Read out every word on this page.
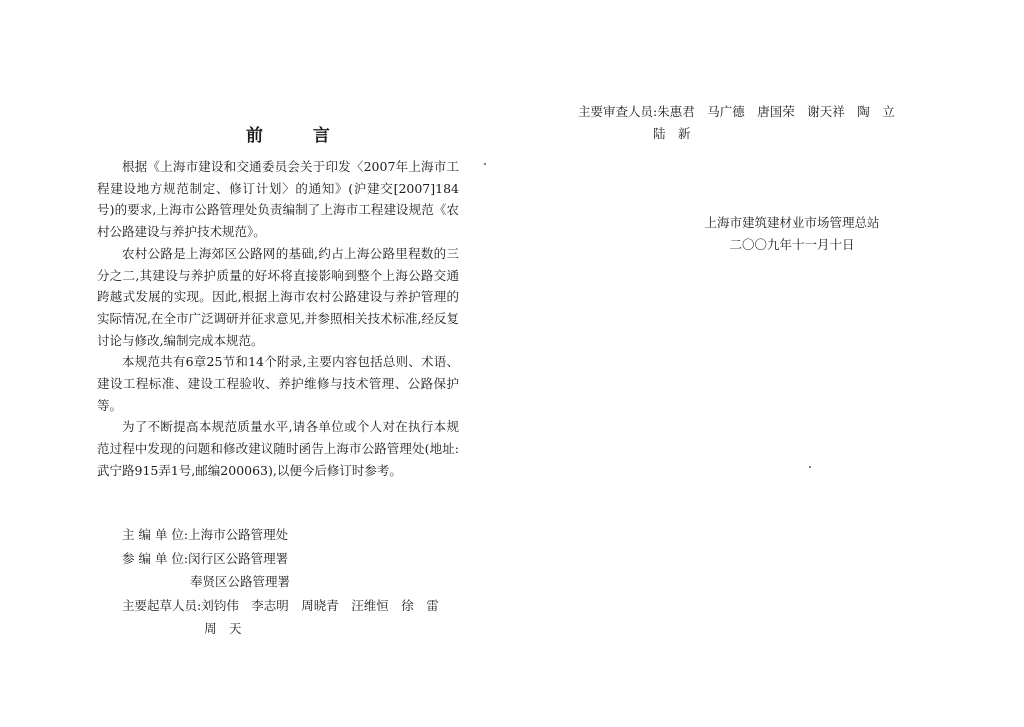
前 言

根据《上海市建设和交通委员会关于印发〈2007年上海市工程建设地方规范制定、修订计划〉的通知》(沪建交[2007]184号)的要求,上海市公路管理处负责编制了上海市工程建设规范《农村公路建设与养护技术规范》。

农村公路是上海郊区公路网的基础,约占上海公路里程数的三分之二,其建设与养护质量的好坏将直接影响到整个上海公路交通跨越式发展的实现。因此,根据上海市农村公路建设与养护管理的实际情况,在全市广泛调研并征求意见,并参照相关技术标准,经反复讨论与修改,编制完成本规范。

本规范共有6章25节和14个附录,主要内容包括总则、术语、建设工程标准、建设工程验收、养护维修与技术管理、公路保护等。

为了不断提高本规范质量水平,请各单位或个人对在执行本规范过程中发现的问题和修改建议随时函告上海市公路管理处(地址:武宁路915弄1号,邮编200063),以便今后修订时参考。

主 编 单 位:上海市公路管理处
参 编 单 位:闵行区公路管理署
奉贤区公路管理署
主要起草人员:刘钧伟　李志明　周晓青　汪维恒　徐　雷
周　天
主要审查人员:朱惠君　马广德　唐国荣　谢天祥　陶　立
陆　新
上海市建筑建材业市场管理总站
二〇〇九年十一月十日
